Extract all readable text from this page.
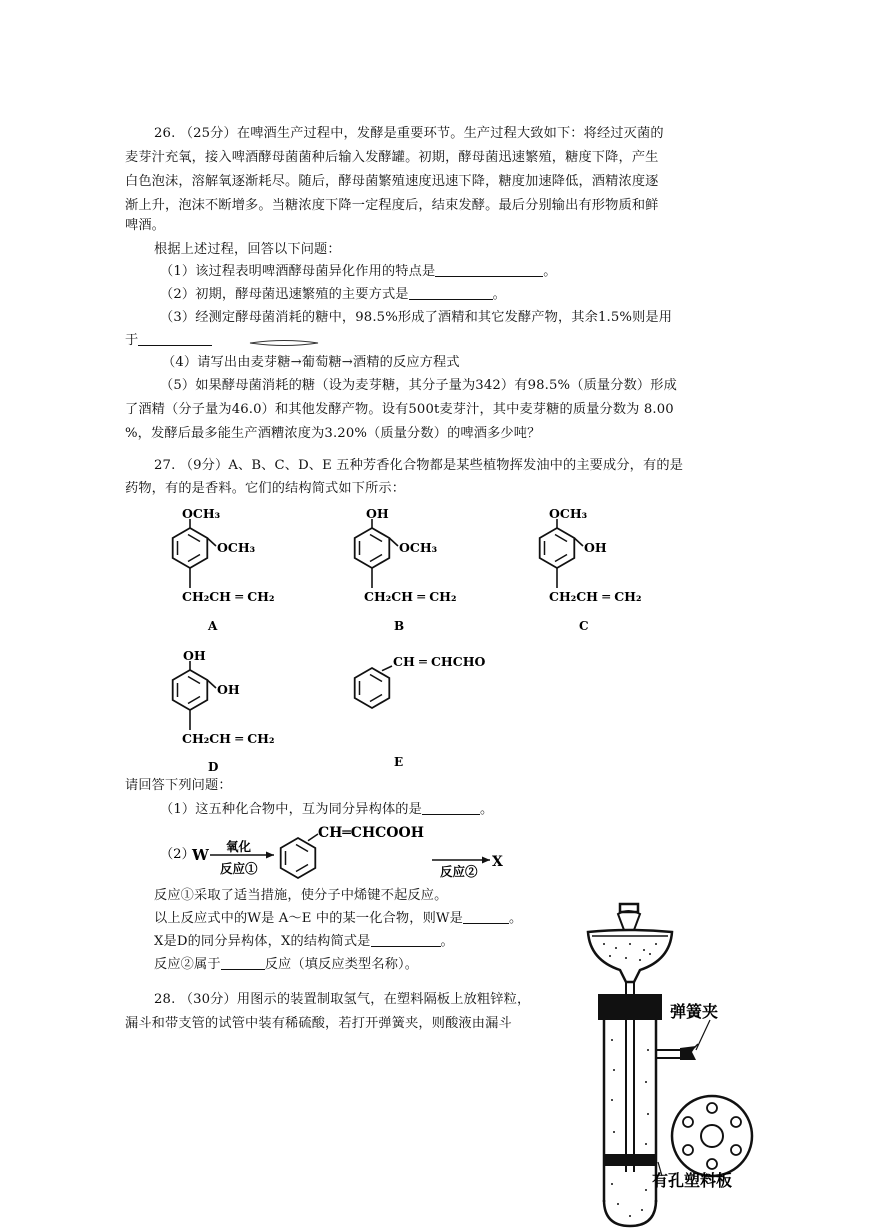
26. （25分）在啤酒生产过程中，发酵是重要环节。生产过程大致如下：将经过灭菌的
麦芽汁充氧，接入啤酒酵母菌菌种后输入发酵罐。初期，酵母菌迅速繁殖，糖度下降，产生
白色泡沫，溶解氧逐渐耗尽。随后，酵母菌繁殖速度迅速下降，糖度加速降低，酒精浓度逐
渐上升，泡沫不断增多。当糖浓度下降一定程度后，结束发酵。最后分别输出有形物质和鲜
啤酒。
根据上述过程，回答以下问题：
（1）该过程表明啤酒酵母菌异化作用的特点是	。
（2）初期，酵母菌迅速繁殖的主要方式是	。
（3）经测定酵母菌消耗的糖中，98.5%形成了酒精和其它发酵产物，其余1.5%则是用
于
（4）请写出由麦芽糖→葡萄糖→酒精的反应方程式
（5）如果酵母菌消耗的糖（设为麦芽糖，其分子量为342）有98.5%（质量分数）形成
了酒精（分子量为46.0）和其他发酵产物。设有500t麦芽汁，其中麦芽糖的质量分数为 8.00
%，发酵后最多能生产酒糟浓度为3.20%（质量分数）的啤酒多少吨？
27. （9分）A、B、C、D、E 五种芳香化合物都是某些植物挥发油中的主要成分，有的是
药物，有的是香料。它们的结构简式如下所示：
OCH₃
OCH₃
CH₂CH ═ CH₂
A
OH
OCH₃
CH₂CH ═ CH₂
B
OCH₃
OH
CH₂CH ═ CH₂
C
OH
OH
CH₂CH ═ CH₂
D
CH ═ CHCHO
E
请回答下列问题：
（1）这五种化合物中，互为同分异构体的是	。
（2）
W 氧化
反应①
CH═CHCOOH
反应②
X
反应①采取了适当措施，使分子中烯键不起反应。
以上反应式中的W是 A～E 中的某一化合物，则W是	。
X是D的同分异构体，X的结构简式是	。
反应②属于	反应（填反应类型名称）。
28. （30分）用图示的装置制取氢气，在塑料隔板上放粗锌粒，
漏斗和带支管的试管中装有稀硫酸，若打开弹簧夹，则酸液由漏斗
弹簧夹
有孔塑料板
